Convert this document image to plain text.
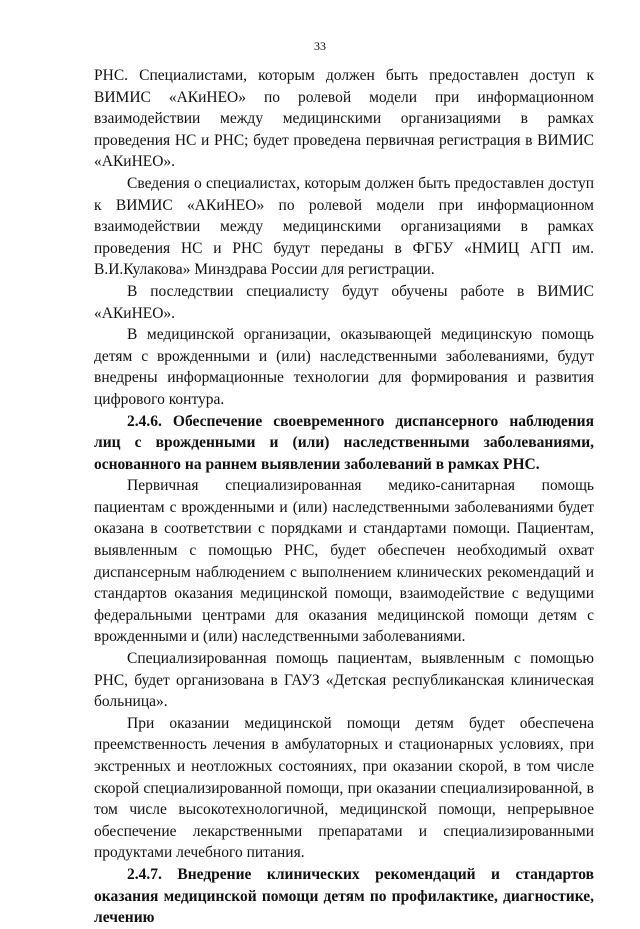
33

РНС. Специалистами, которым должен быть предоставлен доступ к ВИМИС «АКиНЕО» по ролевой модели при информационном взаимодействии между медицинскими организациями в рамках проведения НС и РНС; будет проведена первичная регистрация в ВИМИС «АКиНЕО».

Сведения о специалистах, которым должен быть предоставлен доступ к ВИМИС «АКиНЕО» по ролевой модели при информационном взаимодействии между медицинскими организациями в рамках проведения НС и РНС будут переданы в ФГБУ «НМИЦ АГП им. В.И.Кулакова» Минздрава России для регистрации.

В последствии специалисту будут обучены работе в ВИМИС «АКиНЕО».

В медицинской организации, оказывающей медицинскую помощь детям с врожденными и (или) наследственными заболеваниями, будут внедрены информационные технологии для формирования и развития цифрового контура.

2.4.6. Обеспечение своевременного диспансерного наблюдения лиц с врожденными и (или) наследственными заболеваниями, основанного на раннем выявлении заболеваний в рамках РНС.

Первичная специализированная медико-санитарная помощь пациентам с врожденными и (или) наследственными заболеваниями будет оказана в соответствии с порядками и стандартами помощи. Пациентам, выявленным с помощью РНС, будет обеспечен необходимый охват диспансерным наблюдением с выполнением клинических рекомендаций и стандартов оказания медицинской помощи, взаимодействие с ведущими федеральными центрами для оказания медицинской помощи детям с врожденными и (или) наследственными заболеваниями.

Специализированная помощь пациентам, выявленным с помощью РНС, будет организована в ГАУЗ «Детская республиканская клиническая больница».

При оказании медицинской помощи детям будет обеспечена преемственность лечения в амбулаторных и стационарных условиях, при экстренных и неотложных состояниях, при оказании скорой, в том числе скорой специализированной помощи, при оказании специализированной, в том числе высокотехнологичной, медицинской помощи, непрерывное обеспечение лекарственными препаратами и специализированными продуктами лечебного питания.

2.4.7. Внедрение клинических рекомендаций и стандартов оказания медицинской помощи детям по профилактике, диагностике, лечению
